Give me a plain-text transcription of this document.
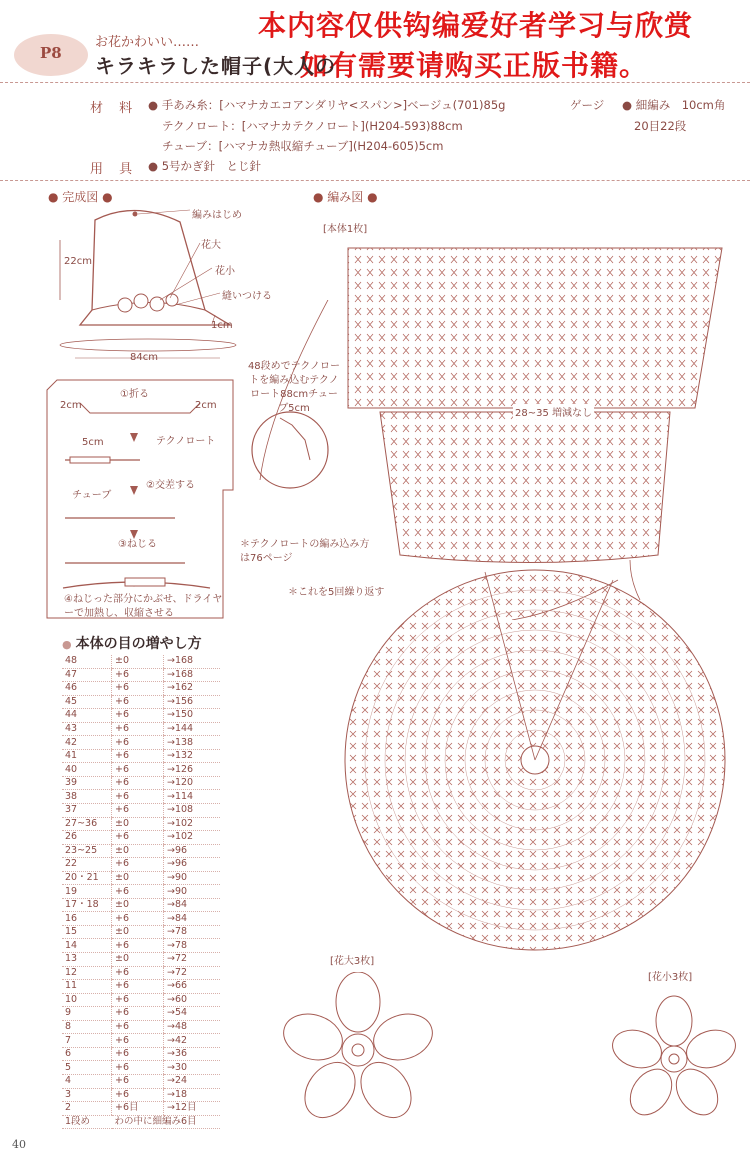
本内容仅供钩编爱好者学习与欣赏
如有需要请购买正版书籍。
P8
お花かわいい……
キラキラした帽子(大人の
材 料 ● 手あみ糸：[ハマナカエコアンダリヤ<スパン>]ベージュ(701)85g	ゲージ ● 細編み　10cm角
20目22段
テクノロート：[ハマナカテクノロート](H204-593)88cm
チューブ：[ハマナカ熱収縮チューブ](H204-605)5cm
用 具 ● 5号かぎ針　とじ針
● 完成図 ●	● 編み図 ●
編みはじめ
花大
花小
縫いつける
22cm
1cm
84cm
①折る
2cm	2cm
テクノロート
5cm
チューブ
②交差する
③ねじる
④ねじった部分にかぶせ、ドライヤーで加熱し、収縮させる
48段めでテクノロートを編み込むテクノロート88cmチューブ5cm
＊テクノロートの編み込み方は76ページ
＊これを5回繰り返す
[本体1枚]
28~35 増減なし
[花大3枚]
[花小3枚]
● 本体の目の増やし方
48	±0	→168
47	+6	→168
46	+6	→162
45	+6	→156
44	+6	→150
43	+6	→144
42	+6	→138
41	+6	→132
40	+6	→126
39	+6	→120
38	+6	→114
37	+6	→108
27~36	±0	→102
26	+6	→102
23~25	±0	→96
22	+6	→96
20・21	±0	→90
19	+6	→90
17・18	±0	→84
16	+6	→84
15	±0	→78
14	+6	→78
13	±0	→72
12	+6	→72
11	+6	→66
10	+6	→60
9	+6	→54
8	+6	→48
7	+6	→42
6	+6	→36
5	+6	→30
4	+6	→24
3	+6	→18
2	+6目	→12目
1段め	わの中に細編み6目	
40
